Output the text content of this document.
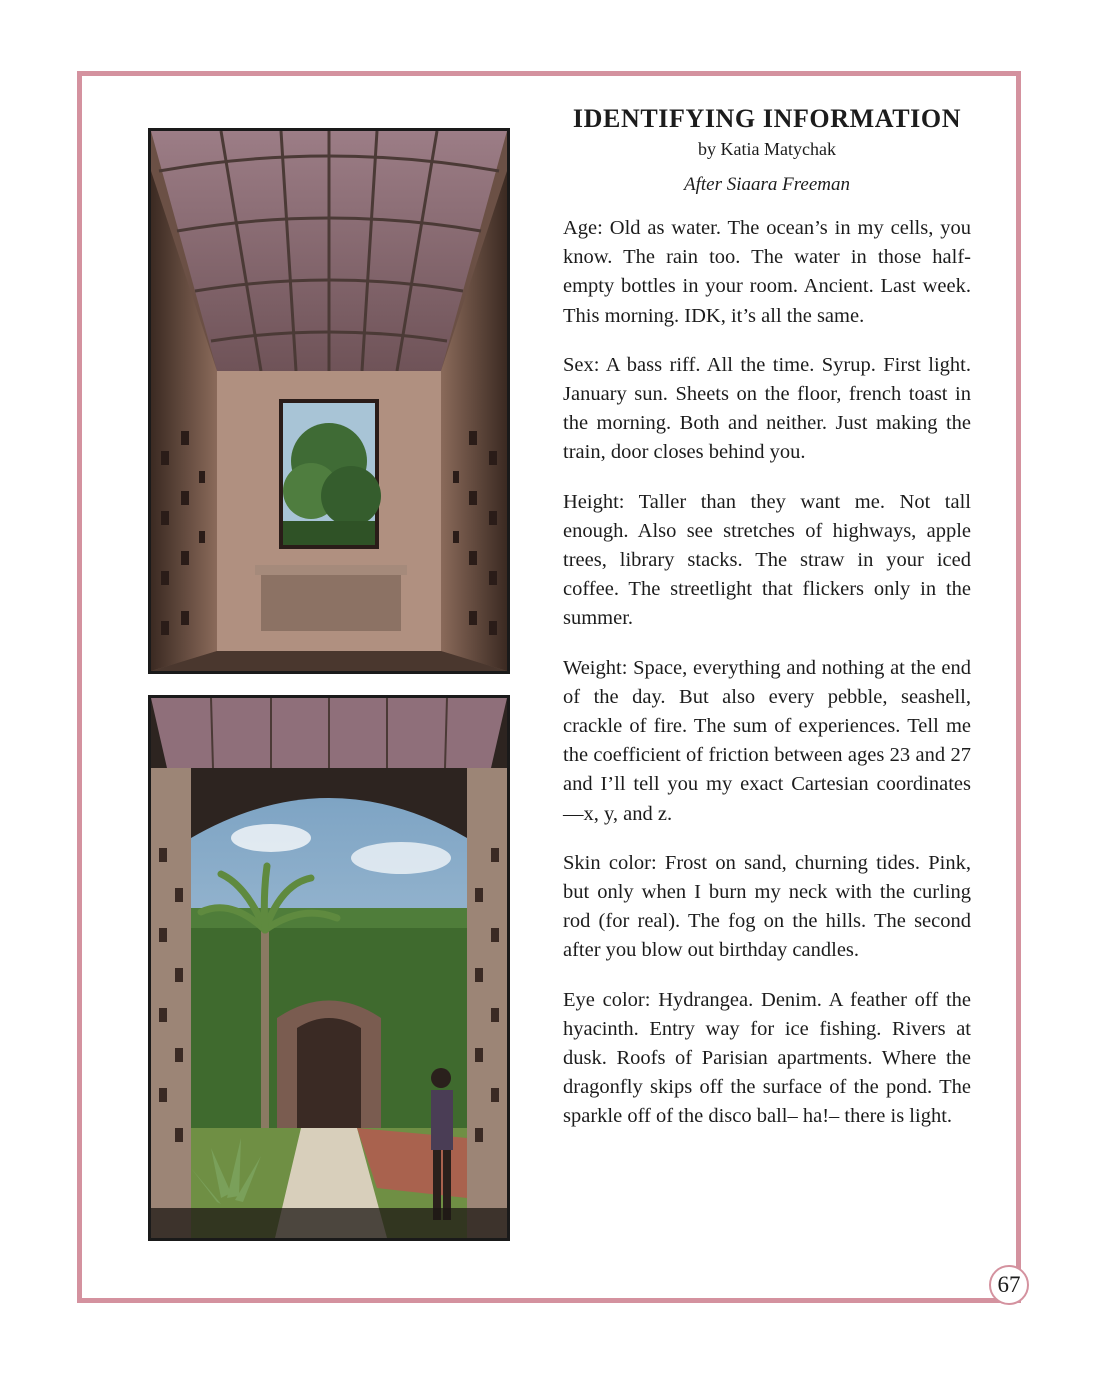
IDENTIFYING INFORMATION

by Katia Matychak

After Siaara Freeman

Age: Old as water. The ocean’s in my cells, you know. The rain too. The water in those half-empty bottles in your room. Ancient. Last week. This morning. IDK, it’s all the same.

Sex: A bass riff. All the time. Syrup. First light. January sun. Sheets on the floor, french toast in the morning. Both and neither. Just making the train, door closes behind you.

Height: Taller than they want me. Not tall enough. Also see stretches of highways, apple trees, library stacks. The straw in your iced coffee. The streetlight that flickers only in the summer.

Weight: Space, everything and nothing at the end of the day. But also every pebble, seashell, crackle of fire. The sum of experiences. Tell me the coefficient of friction between ages 23 and 27 and I’ll tell you my exact Cartesian coordinates—x, y, and z.

Skin color: Frost on sand, churning tides. Pink, but only when I burn my neck with the curling rod (for real). The fog on the hills. The second after you blow out birthday candles.

Eye color: Hydrangea. Denim. A feather off the hyacinth. Entry way for ice fishing. Rivers at dusk. Roofs of Parisian apartments. Where the dragonfly skips off the surface of the pond. The sparkle off of the disco ball– ha!– there is light.

67
